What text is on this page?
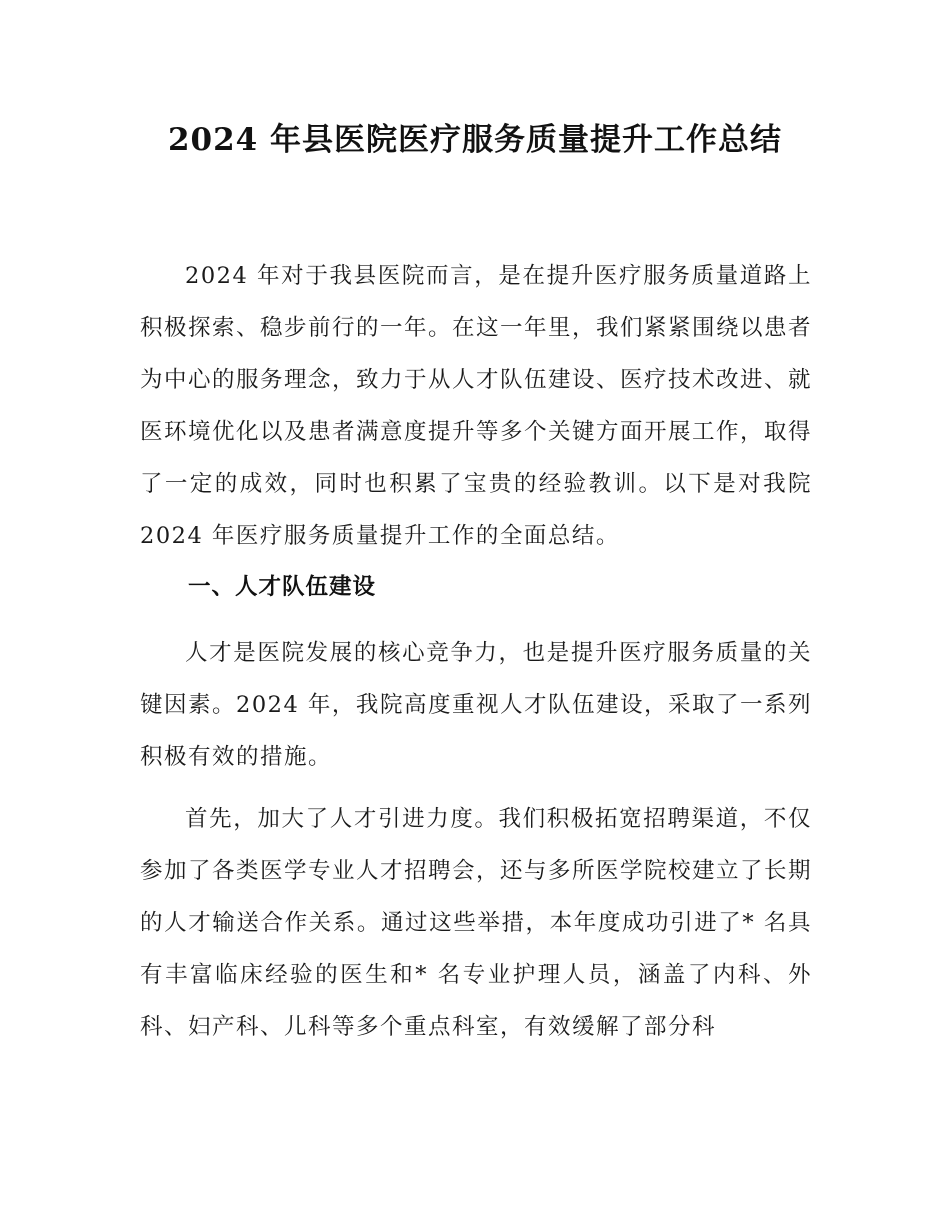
2024 年县医院医疗服务质量提升工作总结

2024 年对于我县医院而言，是在提升医疗服务质量道路上积极探索、稳步前行的一年。在这一年里，我们紧紧围绕以患者为中心的服务理念，致力于从人才队伍建设、医疗技术改进、就医环境优化以及患者满意度提升等多个关键方面开展工作，取得了一定的成效，同时也积累了宝贵的经验教训。以下是对我院 2024 年医疗服务质量提升工作的全面总结。

一、人才队伍建设

人才是医院发展的核心竞争力，也是提升医疗服务质量的关键因素。2024 年，我院高度重视人才队伍建设，采取了一系列积极有效的措施。

首先，加大了人才引进力度。我们积极拓宽招聘渠道，不仅参加了各类医学专业人才招聘会，还与多所医学院校建立了长期的人才输送合作关系。通过这些举措，本年度成功引进了* 名具有丰富临床经验的医生和* 名专业护理人员，涵盖了内科、外科、妇产科、儿科等多个重点科室，有效缓解了部分科
